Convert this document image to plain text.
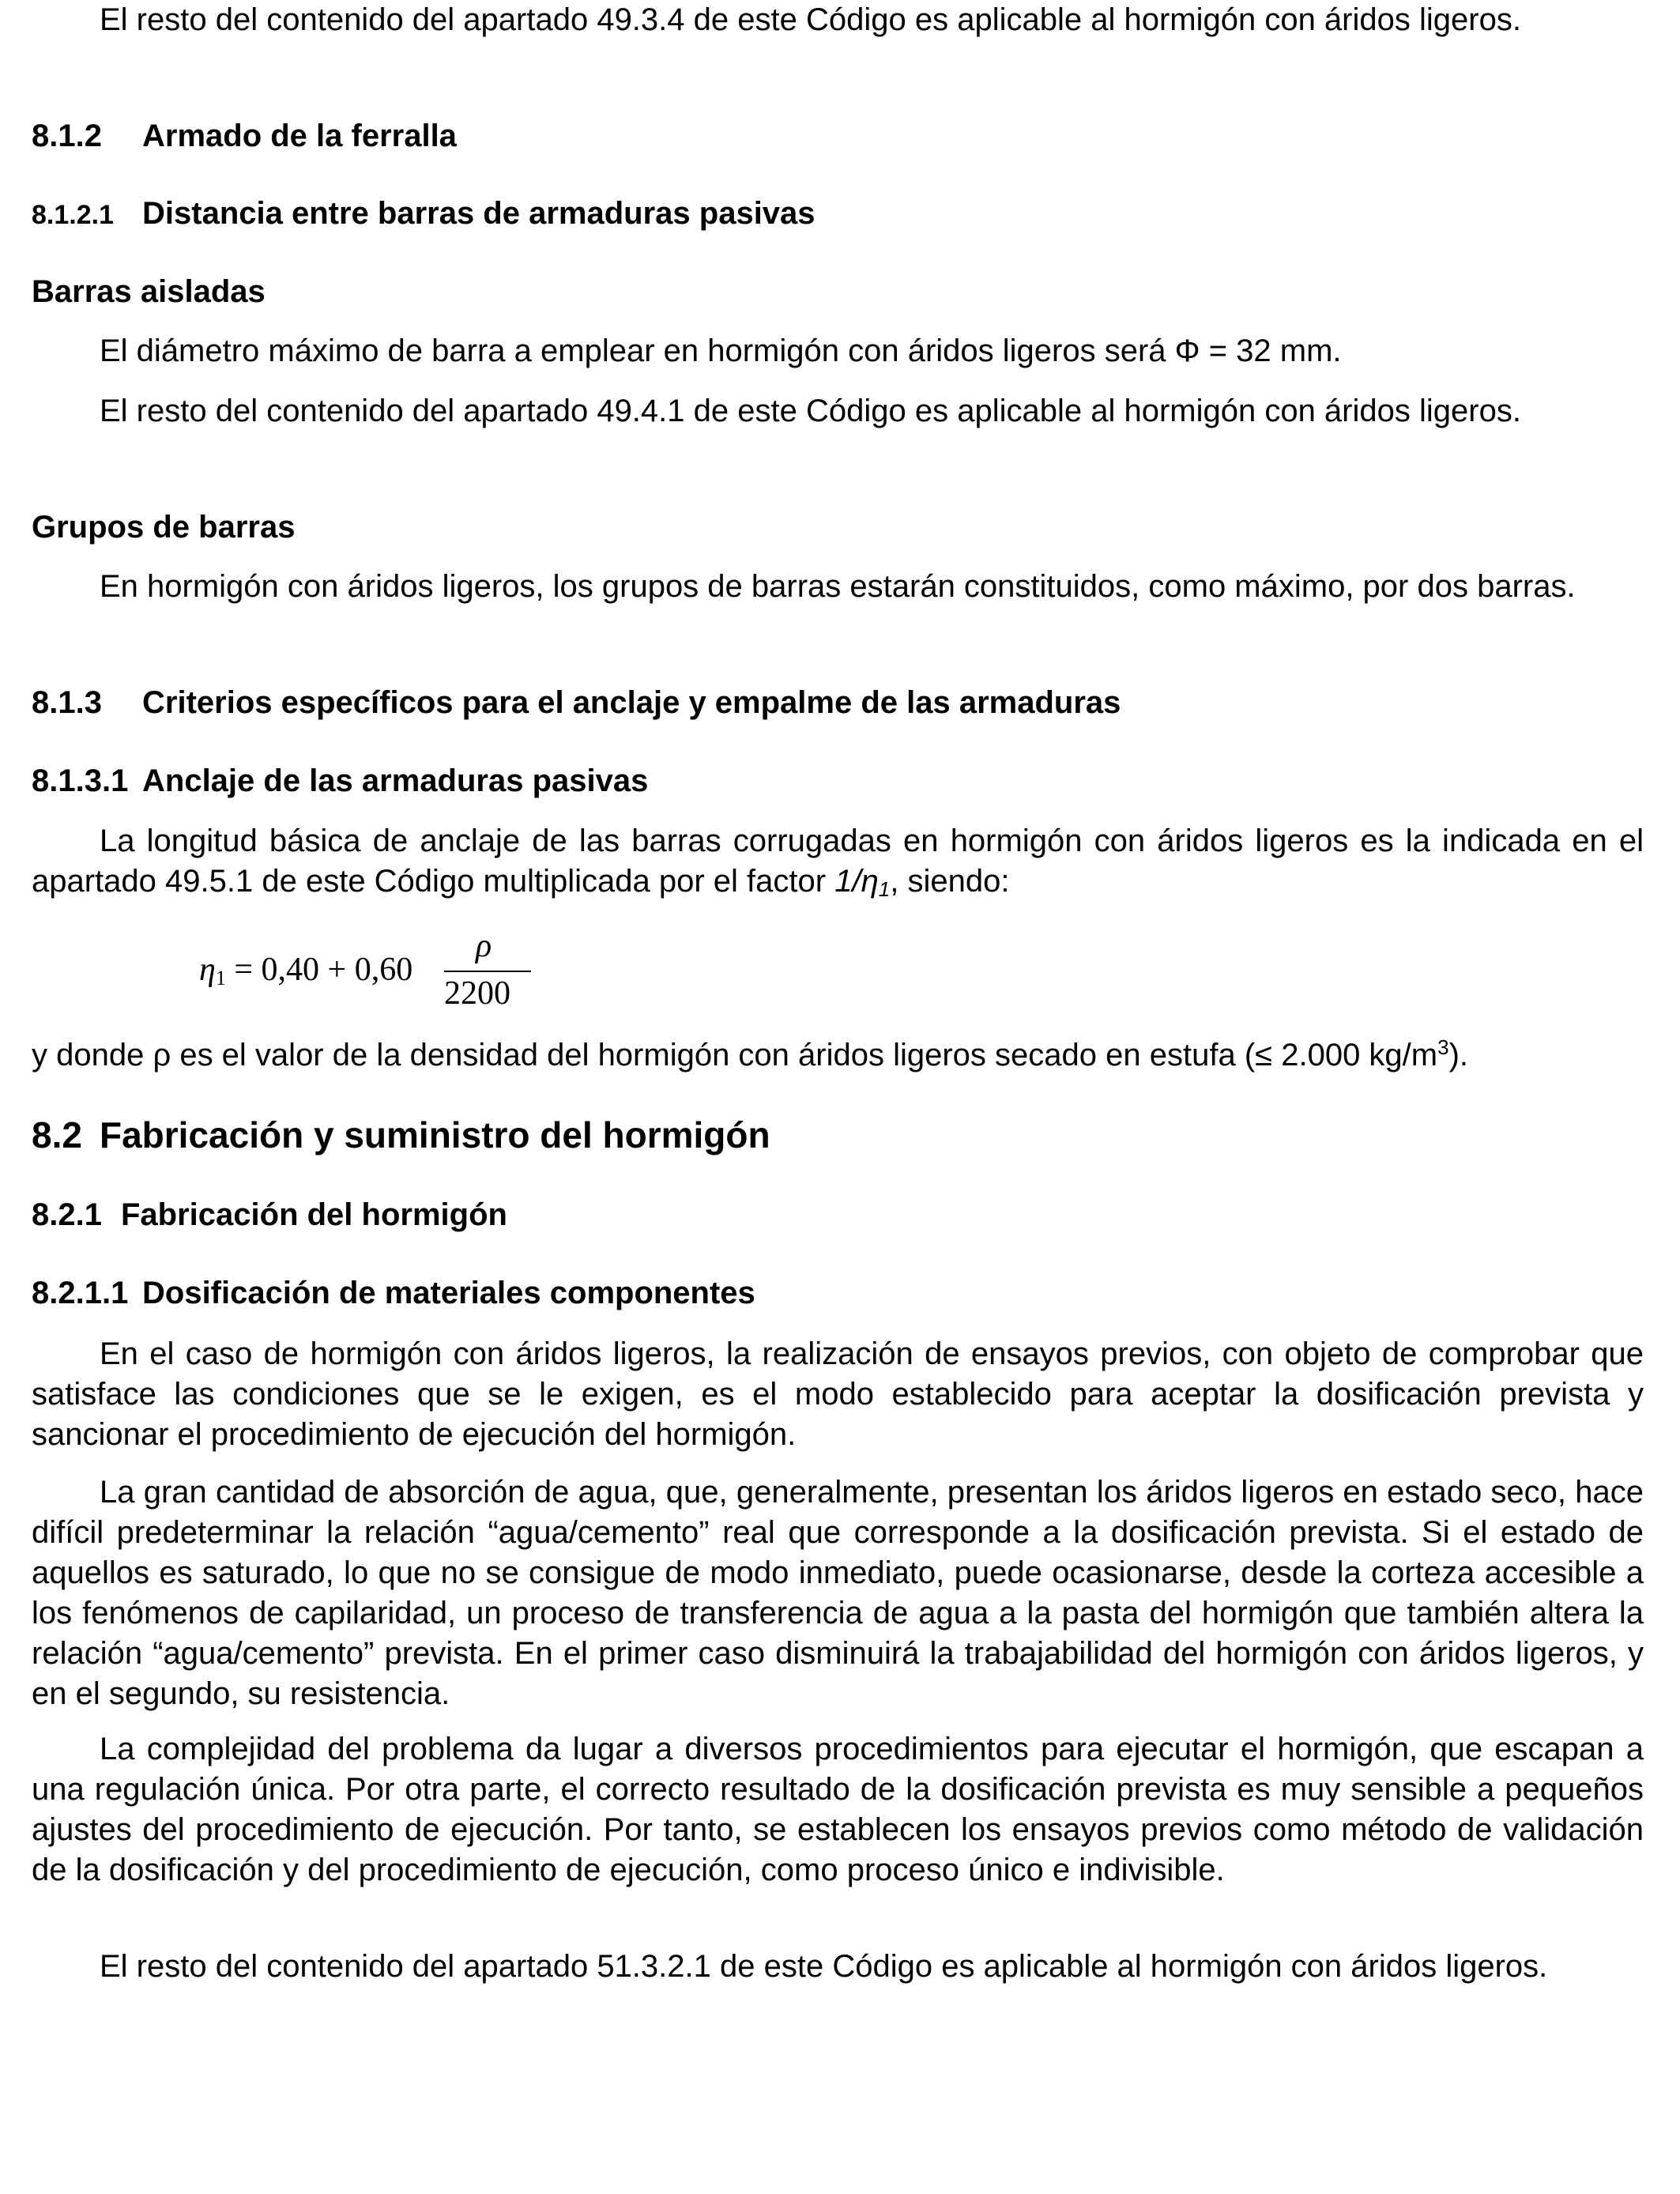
El resto del contenido del apartado 49.3.4 de este Código es aplicable al hormigón con áridos ligeros.

8.1.2 Armado de la ferralla
8.1.2.1 Distancia entre barras de armaduras pasivas
Barras aisladas

El diámetro máximo de barra a emplear en hormigón con áridos ligeros será Φ = 32 mm.

El resto del contenido del apartado 49.4.1 de este Código es aplicable al hormigón con áridos ligeros.

Grupos de barras

En hormigón con áridos ligeros, los grupos de barras estarán constituidos, como máximo, por dos barras.

8.1.3 Criterios específicos para el anclaje y empalme de las armaduras
8.1.3.1 Anclaje de las armaduras pasivas

La longitud básica de anclaje de las barras corrugadas en hormigón con áridos ligeros es la indicada en el apartado 49.5.1 de este Código multiplicada por el factor $1/\eta_1$, siendo:

$\eta_1 = 0,40 + 0,60$
ρ
2200

y donde ρ es el valor de la densidad del hormigón con áridos ligeros secado en estufa (≤ 2.000 $kg/m^3$).

8.2 Fabricación y suministro del hormigón
8.2.1 Fabricación del hormigón
8.2.1.1 Dosificación de materiales componentes

En el caso de hormigón con áridos ligeros, la realización de ensayos previos, con objeto de comprobar que satisface las condiciones que se le exigen, es el modo establecido para aceptar la dosificación prevista y sancionar el procedimiento de ejecución del hormigón.

La gran cantidad de absorción de agua, que, generalmente, presentan los áridos ligeros en estado seco, hace difícil predeterminar la relación “agua/cemento” real que corresponde a la dosificación prevista. Si el estado de aquellos es saturado, lo que no se consigue de modo inmediato, puede ocasionarse, desde la corteza accesible a los fenómenos de capilaridad, un proceso de transferencia de agua a la pasta del hormigón que también altera la relación “agua/cemento” prevista. En el primer caso disminuirá la trabajabilidad del hormigón con áridos ligeros, y en el segundo, su resistencia.

La complejidad del problema da lugar a diversos procedimientos para ejecutar el hormigón, que escapan a una regulación única. Por otra parte, el correcto resultado de la dosificación prevista es muy sensible a pequeños ajustes del procedimiento de ejecución. Por tanto, se establecen los ensayos previos como método de validación de la dosificación y del procedimiento de ejecución, como proceso único e indivisible.

El resto del contenido del apartado 51.3.2.1 de este Código es aplicable al hormigón con áridos ligeros.
